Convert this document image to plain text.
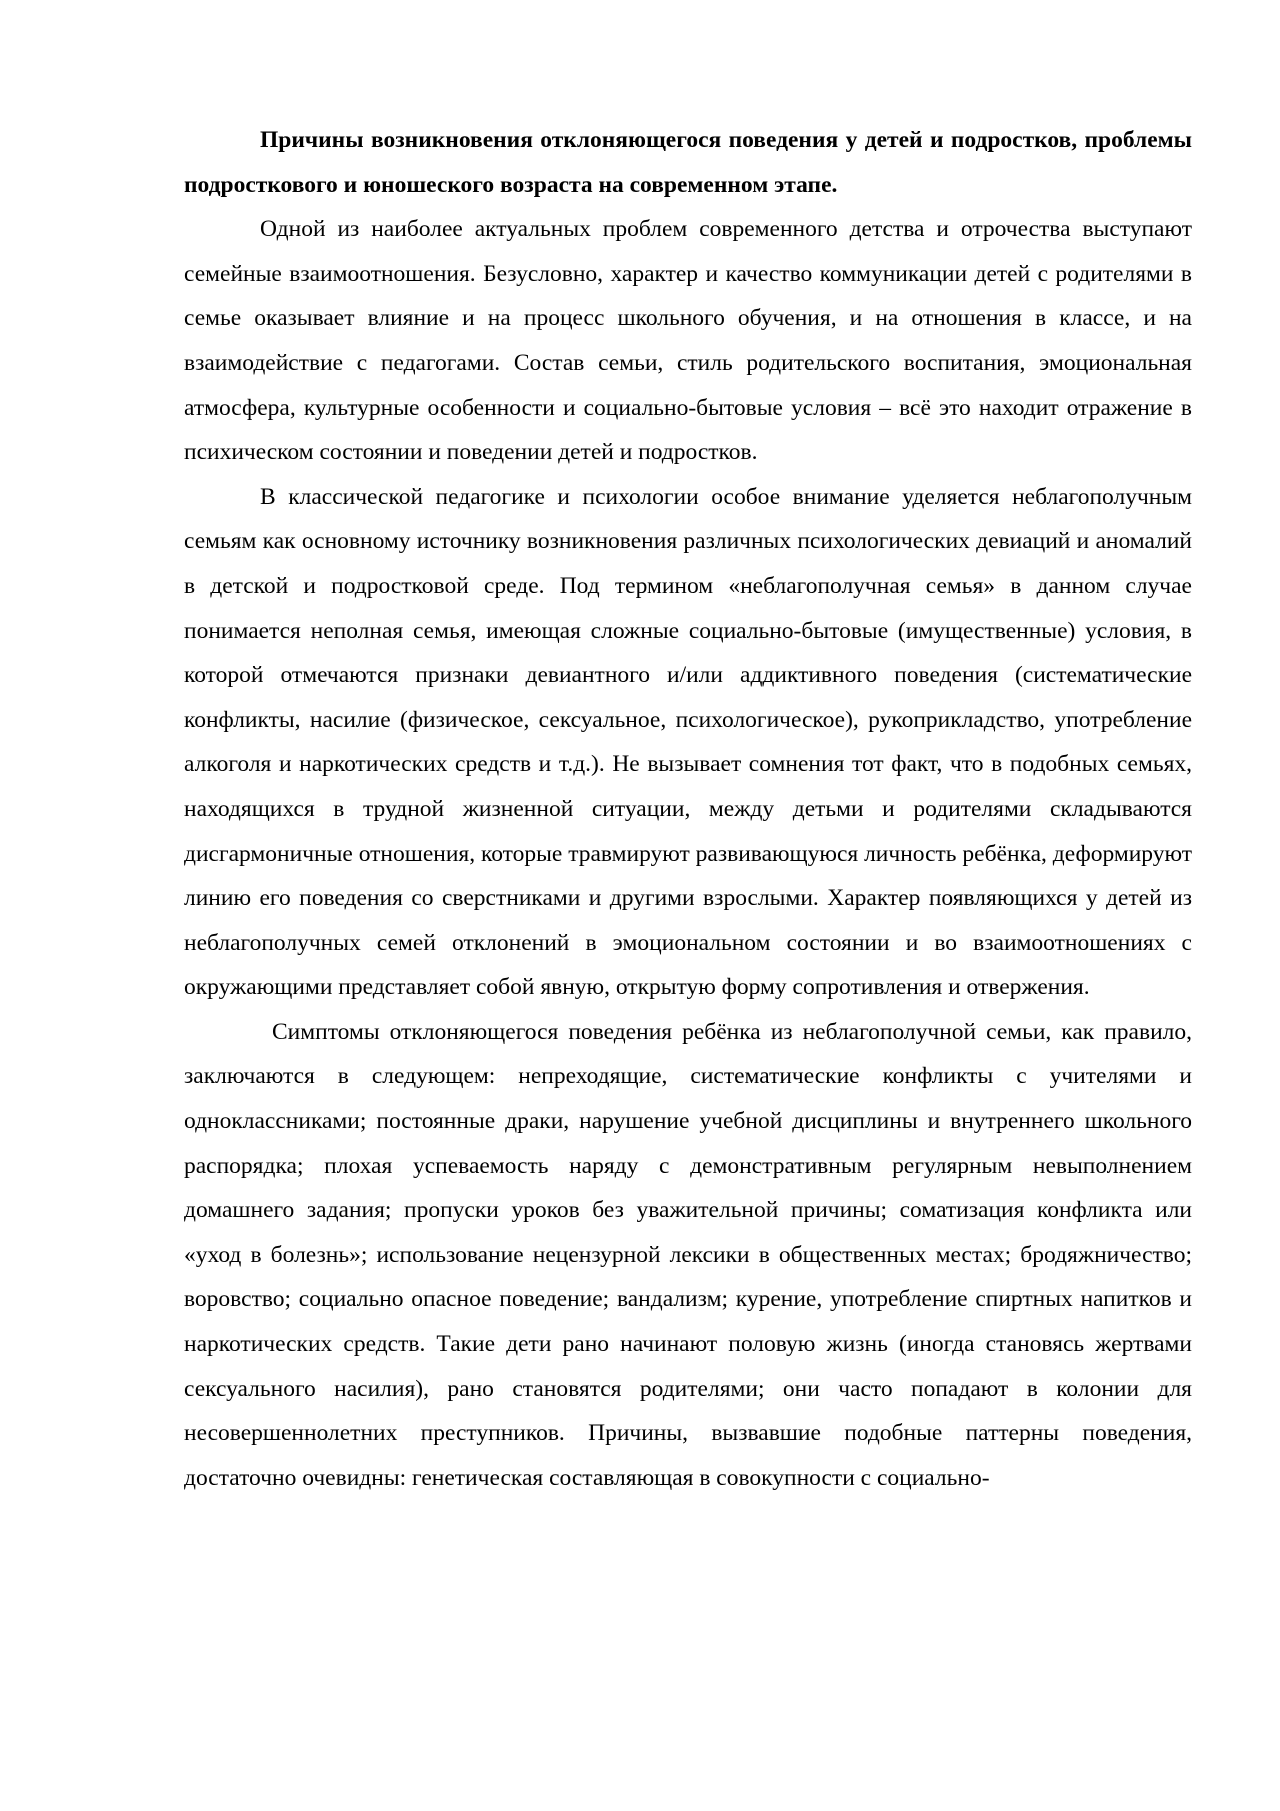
Причины возникновения отклоняющегося поведения у детей и подростков, проблемы подросткового и юношеского возраста на современном этапе.

Одной из наиболее актуальных проблем современного детства и отрочества выступают семейные взаимоотношения. Безусловно, характер и качество коммуникации детей с родителями в семье оказывает влияние и на процесс школьного обучения, и на отношения в классе, и на взаимодействие с педагогами. Состав семьи, стиль родительского воспитания, эмоциональная атмосфера, культурные особенности и социально-бытовые условия – всё это находит отражение в психическом состоянии и поведении детей и подростков.

В классической педагогике и психологии особое внимание уделяется неблагополучным семьям как основному источнику возникновения различных психологических девиаций и аномалий в детской и подростковой среде. Под термином «неблагополучная семья» в данном случае понимается неполная семья, имеющая сложные социально-бытовые (имущественные) условия, в которой отмечаются признаки девиантного и/или аддиктивного поведения (систематические конфликты, насилие (физическое, сексуальное, психологическое), рукоприкладство, употребление алкоголя и наркотических средств и т.д.). Не вызывает сомнения тот факт, что в подобных семьях, находящихся в трудной жизненной ситуации, между детьми и родителями складываются дисгармоничные отношения, которые травмируют развивающуюся личность ребёнка, деформируют линию его поведения со сверстниками и другими взрослыми. Характер появляющихся у детей из неблагополучных семей отклонений в эмоциональном состоянии и во взаимоотношениях с окружающими представляет собой явную, открытую форму сопротивления и отвержения.

Симптомы отклоняющегося поведения ребёнка из неблагополучной семьи, как правило, заключаются в следующем: непреходящие, систематические конфликты с учителями и одноклассниками; постоянные драки, нарушение учебной дисциплины и внутреннего школьного распорядка; плохая успеваемость наряду с демонстративным регулярным невыполнением домашнего задания; пропуски уроков без уважительной причины; соматизация конфликта или «уход в болезнь»; использование нецензурной лексики в общественных местах; бродяжничество; воровство; социально опасное поведение; вандализм; курение, употребление спиртных напитков и наркотических средств. Такие дети рано начинают половую жизнь (иногда становясь жертвами сексуального насилия), рано становятся родителями; они часто попадают в колонии для несовершеннолетних преступников. Причины, вызвавшие подобные паттерны поведения, достаточно очевидны: генетическая составляющая в совокупности с социально-
